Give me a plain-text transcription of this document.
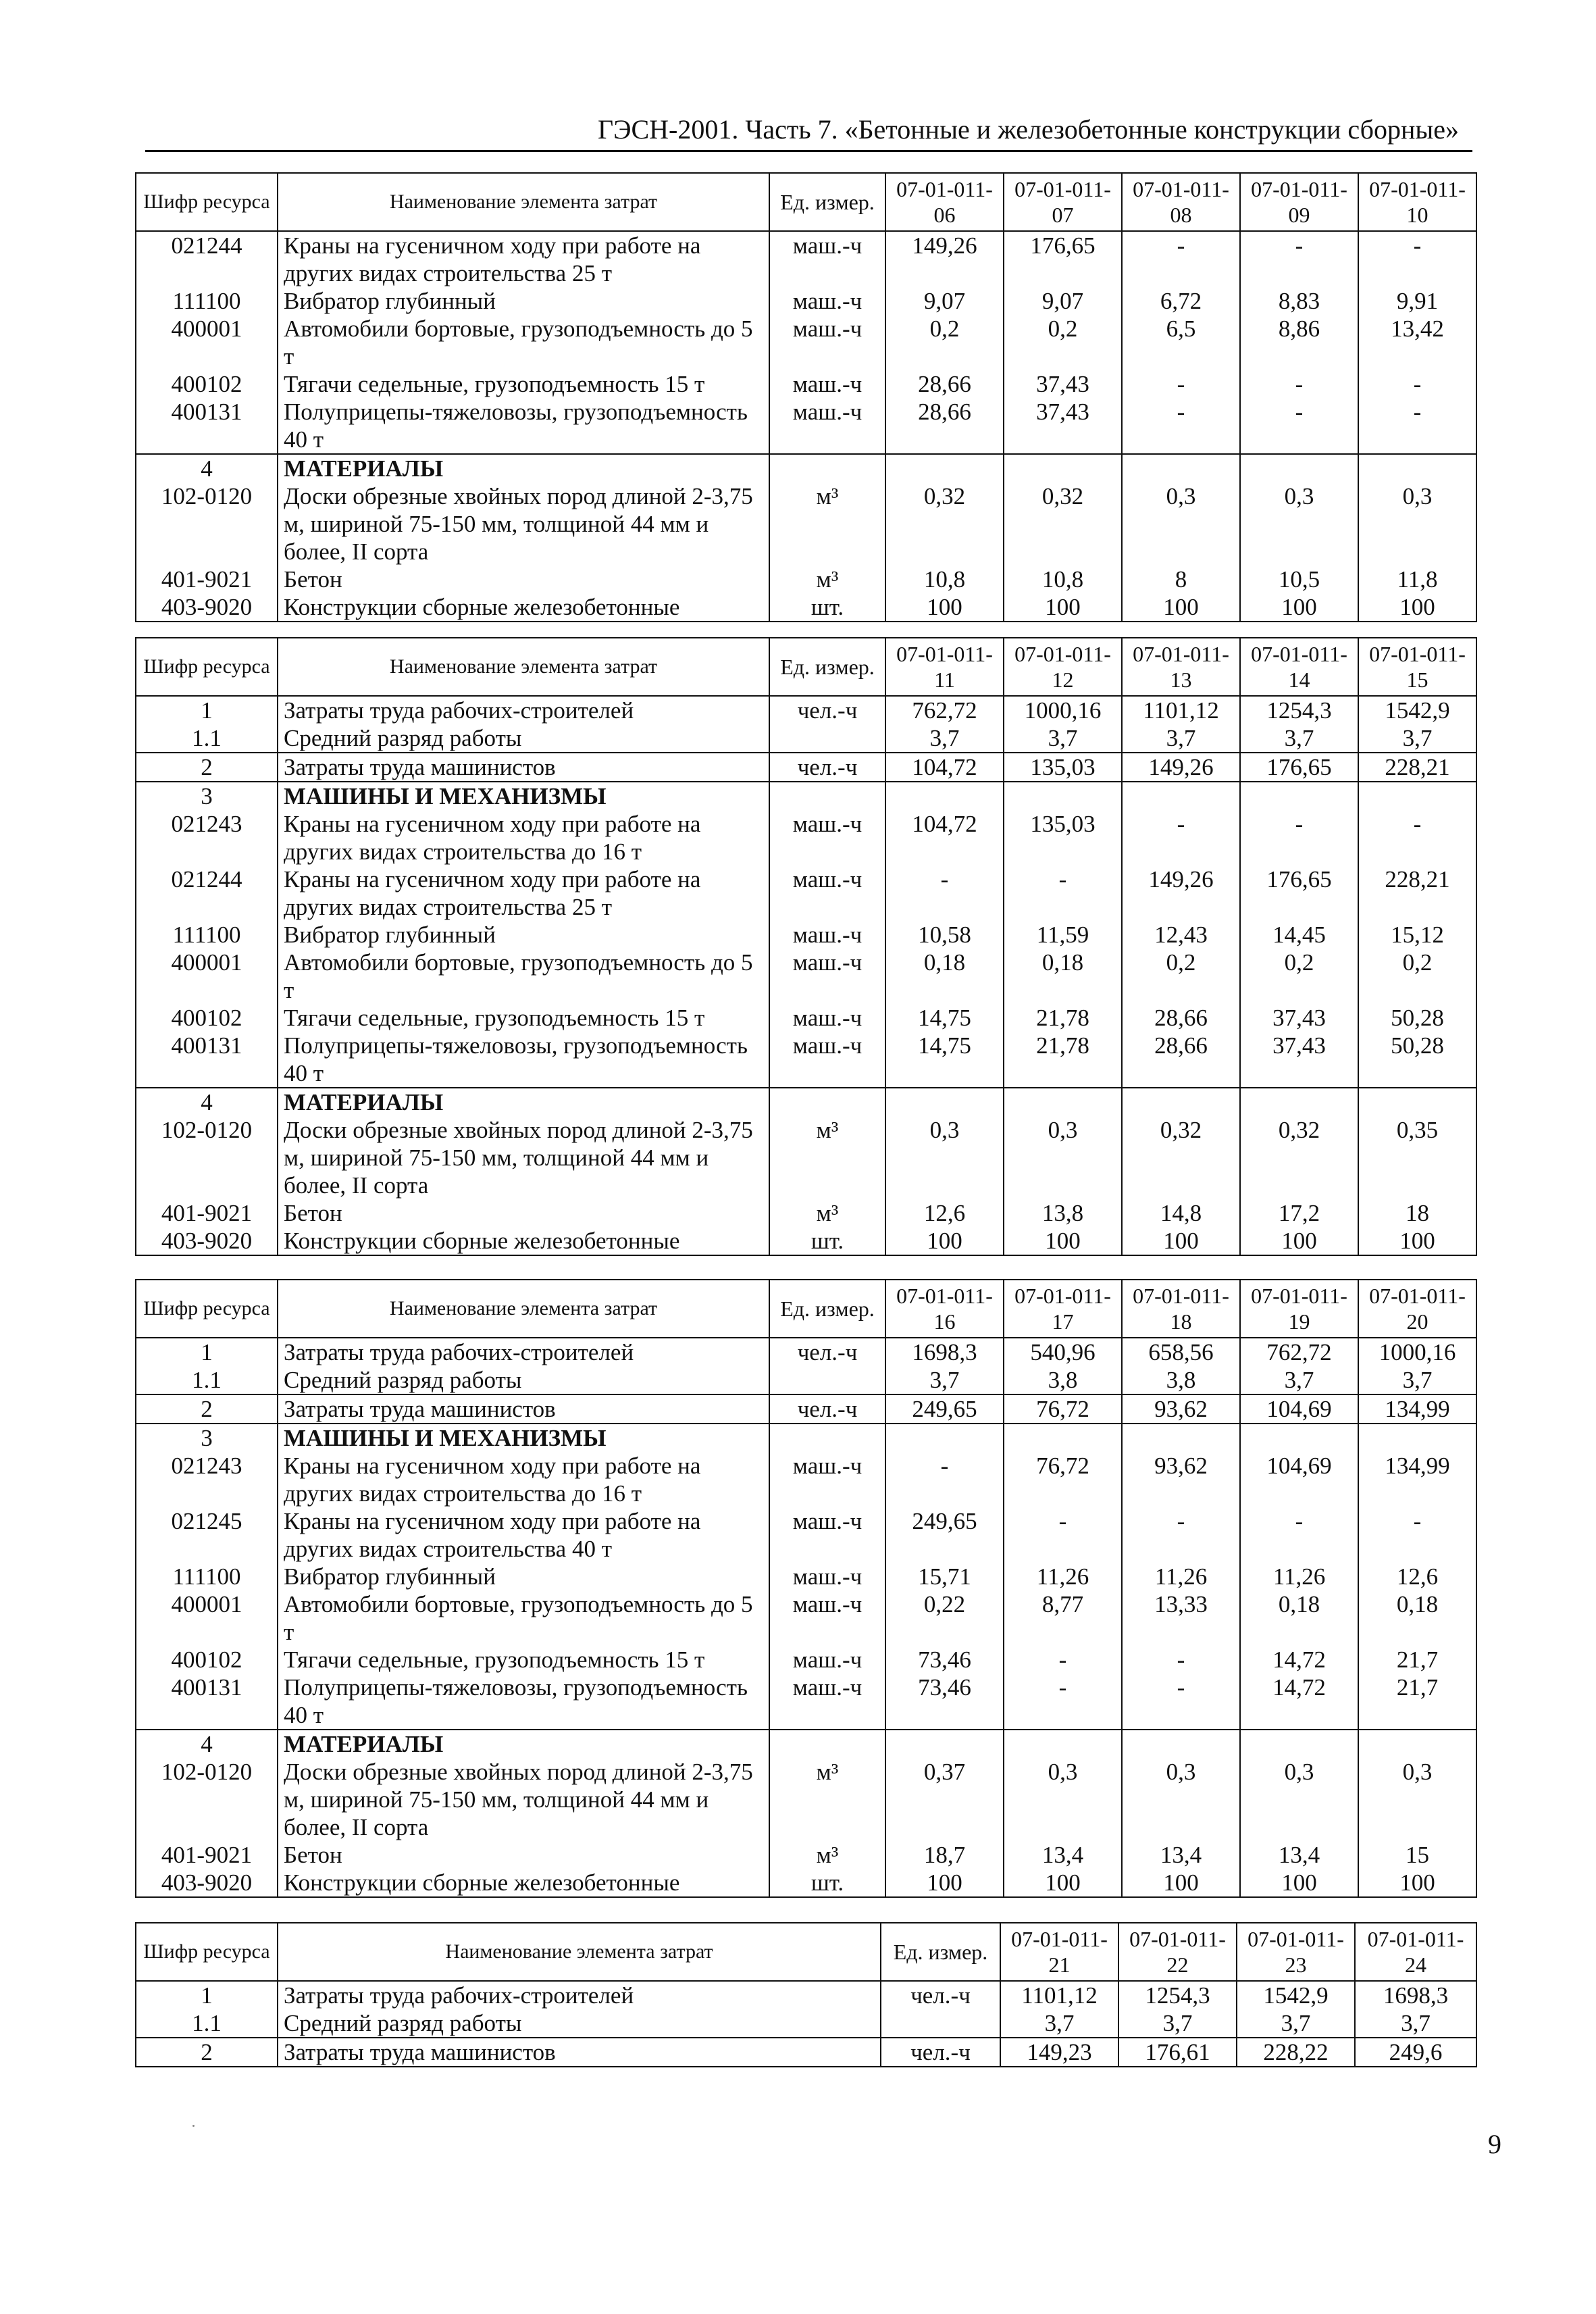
ГЭСН-2001. Часть 7. «Бетонные и железобетонные конструкции сборные»
Шифр ресурса	Наименование элемента затрат	Ед. измер.	07-01-011-06	07-01-011-07	07-01-011-08	07-01-011-09	07-01-011-10
021244	Краны на гусеничном ходу при работе на других видах строительства 25 т	маш.-ч	149,26	176,65	-	-	-
111100	Вибратор глубинный	маш.-ч	9,07	9,07	6,72	8,83	9,91
400001	Автомобили бортовые, грузоподъемность до 5 т	маш.-ч	0,2	0,2	6,5	8,86	13,42
400102	Тягачи седельные, грузоподъемность 15 т	маш.-ч	28,66	37,43	-	-	-
400131	Полуприцепы-тяжеловозы, грузоподъемность 40 т	маш.-ч	28,66	37,43	-	-	-
4	МАТЕРИАЛЫ						
102-0120	Доски обрезные хвойных пород длиной 2-3,75 м, шириной 75-150 мм, толщиной 44 мм и более, II сорта	м³	0,32	0,32	0,3	0,3	0,3
401-9021	Бетон	м³	10,8	10,8	8	10,5	11,8
403-9020	Конструкции сборные железобетонные	шт.	100	100	100	100	100
Шифр ресурса	Наименование элемента затрат	Ед. измер.	07-01-011-11	07-01-011-12	07-01-011-13	07-01-011-14	07-01-011-15
1	Затраты труда рабочих-строителей	чел.-ч	762,72	1000,16	1101,12	1254,3	1542,9
1.1	Средний разряд работы		3,7	3,7	3,7	3,7	3,7
2	Затраты труда машинистов	чел.-ч	104,72	135,03	149,26	176,65	228,21
3	МАШИНЫ И МЕХАНИЗМЫ						
021243	Краны на гусеничном ходу при работе на других видах строительства до 16 т	маш.-ч	104,72	135,03	-	-	-
021244	Краны на гусеничном ходу при работе на других видах строительства 25 т	маш.-ч	-	-	149,26	176,65	228,21
111100	Вибратор глубинный	маш.-ч	10,58	11,59	12,43	14,45	15,12
400001	Автомобили бортовые, грузоподъемность до 5 т	маш.-ч	0,18	0,18	0,2	0,2	0,2
400102	Тягачи седельные, грузоподъемность 15 т	маш.-ч	14,75	21,78	28,66	37,43	50,28
400131	Полуприцепы-тяжеловозы, грузоподъемность 40 т	маш.-ч	14,75	21,78	28,66	37,43	50,28
4	МАТЕРИАЛЫ						
102-0120	Доски обрезные хвойных пород длиной 2-3,75 м, шириной 75-150 мм, толщиной 44 мм и более, II сорта	м³	0,3	0,3	0,32	0,32	0,35
401-9021	Бетон	м³	12,6	13,8	14,8	17,2	18
403-9020	Конструкции сборные железобетонные	шт.	100	100	100	100	100
Шифр ресурса	Наименование элемента затрат	Ед. измер.	07-01-011-16	07-01-011-17	07-01-011-18	07-01-011-19	07-01-011-20
1	Затраты труда рабочих-строителей	чел.-ч	1698,3	540,96	658,56	762,72	1000,16
1.1	Средний разряд работы		3,7	3,8	3,8	3,7	3,7
2	Затраты труда машинистов	чел.-ч	249,65	76,72	93,62	104,69	134,99
3	МАШИНЫ И МЕХАНИЗМЫ						
021243	Краны на гусеничном ходу при работе на других видах строительства до 16 т	маш.-ч	-	76,72	93,62	104,69	134,99
021245	Краны на гусеничном ходу при работе на других видах строительства 40 т	маш.-ч	249,65	-	-	-	-
111100	Вибратор глубинный	маш.-ч	15,71	11,26	11,26	11,26	12,6
400001	Автомобили бортовые, грузоподъемность до 5 т	маш.-ч	0,22	8,77	13,33	0,18	0,18
400102	Тягачи седельные, грузоподъемность 15 т	маш.-ч	73,46	-	-	14,72	21,7
400131	Полуприцепы-тяжеловозы, грузоподъемность 40 т	маш.-ч	73,46	-	-	14,72	21,7
4	МАТЕРИАЛЫ						
102-0120	Доски обрезные хвойных пород длиной 2-3,75 м, шириной 75-150 мм, толщиной 44 мм и более, II сорта	м³	0,37	0,3	0,3	0,3	0,3
401-9021	Бетон	м³	18,7	13,4	13,4	13,4	15
403-9020	Конструкции сборные железобетонные	шт.	100	100	100	100	100
Шифр ресурса	Наименование элемента затрат	Ед. измер.	07-01-011-21	07-01-011-22	07-01-011-23	07-01-011-24
1	Затраты труда рабочих-строителей	чел.-ч	1101,12	1254,3	1542,9	1698,3
1.1	Средний разряд работы		3,7	3,7	3,7	3,7
2	Затраты труда машинистов	чел.-ч	149,23	176,61	228,22	249,6
9
